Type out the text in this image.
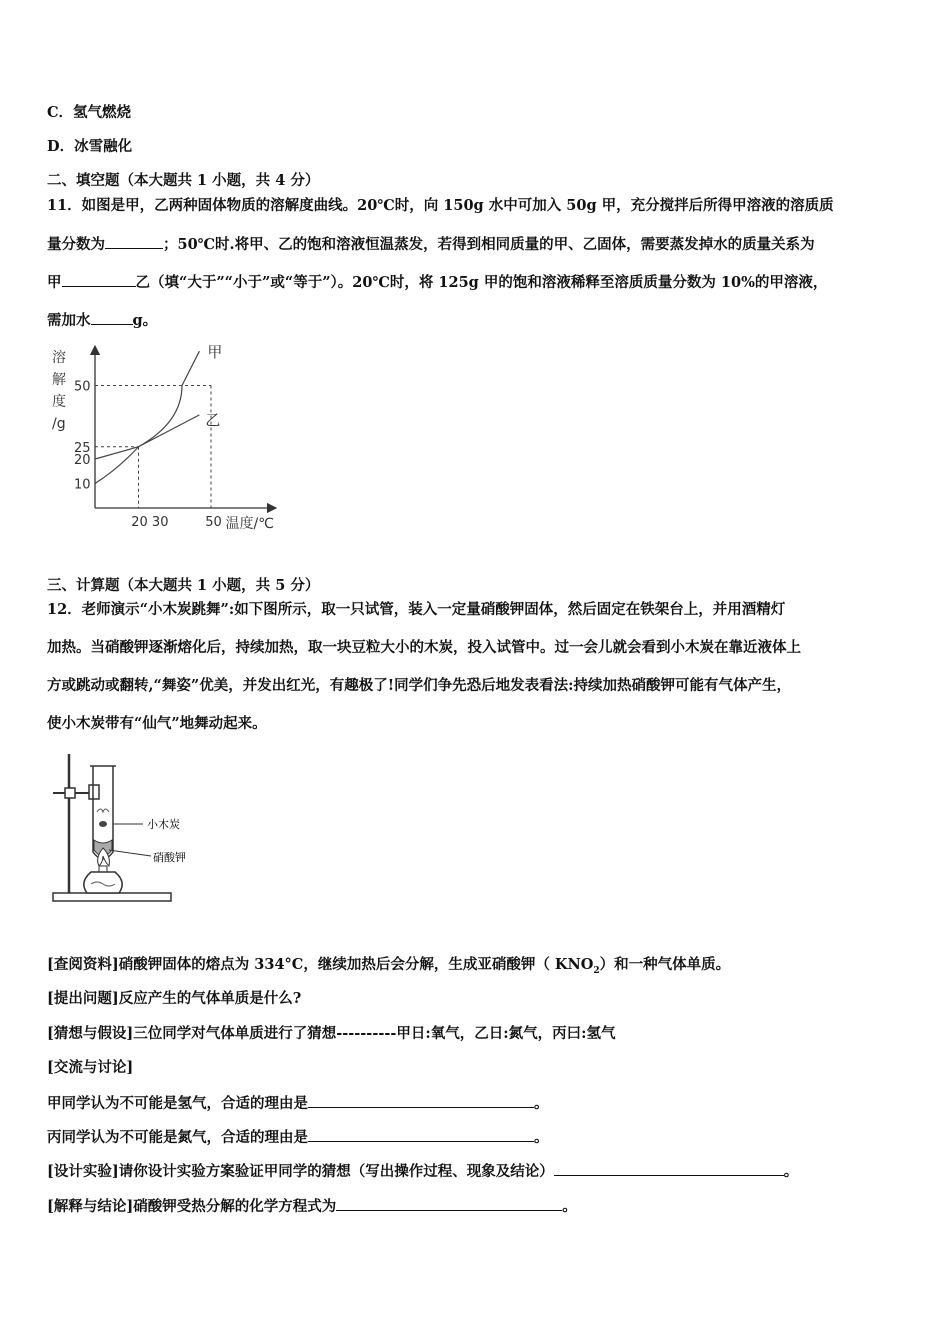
C．氢气燃烧
D．冰雪融化
二、填空题（本大题共 1 小题，共 4 分）
11．如图是甲，乙两种固体物质的溶解度曲线。20℃时，向 150g 水中可加入 50g 甲，充分搅拌后所得甲溶液的溶质质
量分数为	；50℃时.将甲、乙的饱和溶液恒温蒸发，若得到相同质量的甲、乙固体，需要蒸发掉水的质量关系为
甲	乙（填“大于”“小于”或“等于”）。20℃时，将 125g 甲的饱和溶液稀释至溶质质量分数为 10%的甲溶液，
需加水	g。
溶
解
度
/g
50
25
20
10
20 30	50 温度/℃
甲
乙
三、计算题（本大题共 1 小题，共 5 分）
12．老师演示“小木炭跳舞”:如下图所示，取一只试管，装入一定量硝酸钾固体，然后固定在铁架台上，并用酒精灯
加热。当硝酸钾逐渐熔化后，持续加热，取一块豆粒大小的木炭，投入试管中。过一会儿就会看到小木炭在靠近液体上
方或跳动或翻转,“舞姿”优美，并发出红光，有趣极了!同学们争先恐后地发表看法:持续加热硝酸钾可能有气体产生，
使小木炭带有“仙气”地舞动起来。
小木炭
硝酸钾
[查阅资料]硝酸钾固体的熔点为 334°C，继续加热后会分解，生成亚硝酸钾（ $KNO_2$）和一种气体单质。
[提出问题]反应产生的气体单质是什么?
[猜想与假设]三位同学对气体单质进行了猜想----------甲日:氧气，乙日:氮气，丙曰:氢气
[交流与讨论]
甲同学认为不可能是氢气，合适的理由是	。
丙同学认为不可能是氮气，合适的理由是	。
[设计实验]请你设计实验方案验证甲同学的猜想（写出操作过程、现象及结论）	。
[解释与结论]硝酸钾受热分解的化学方程式为	。
